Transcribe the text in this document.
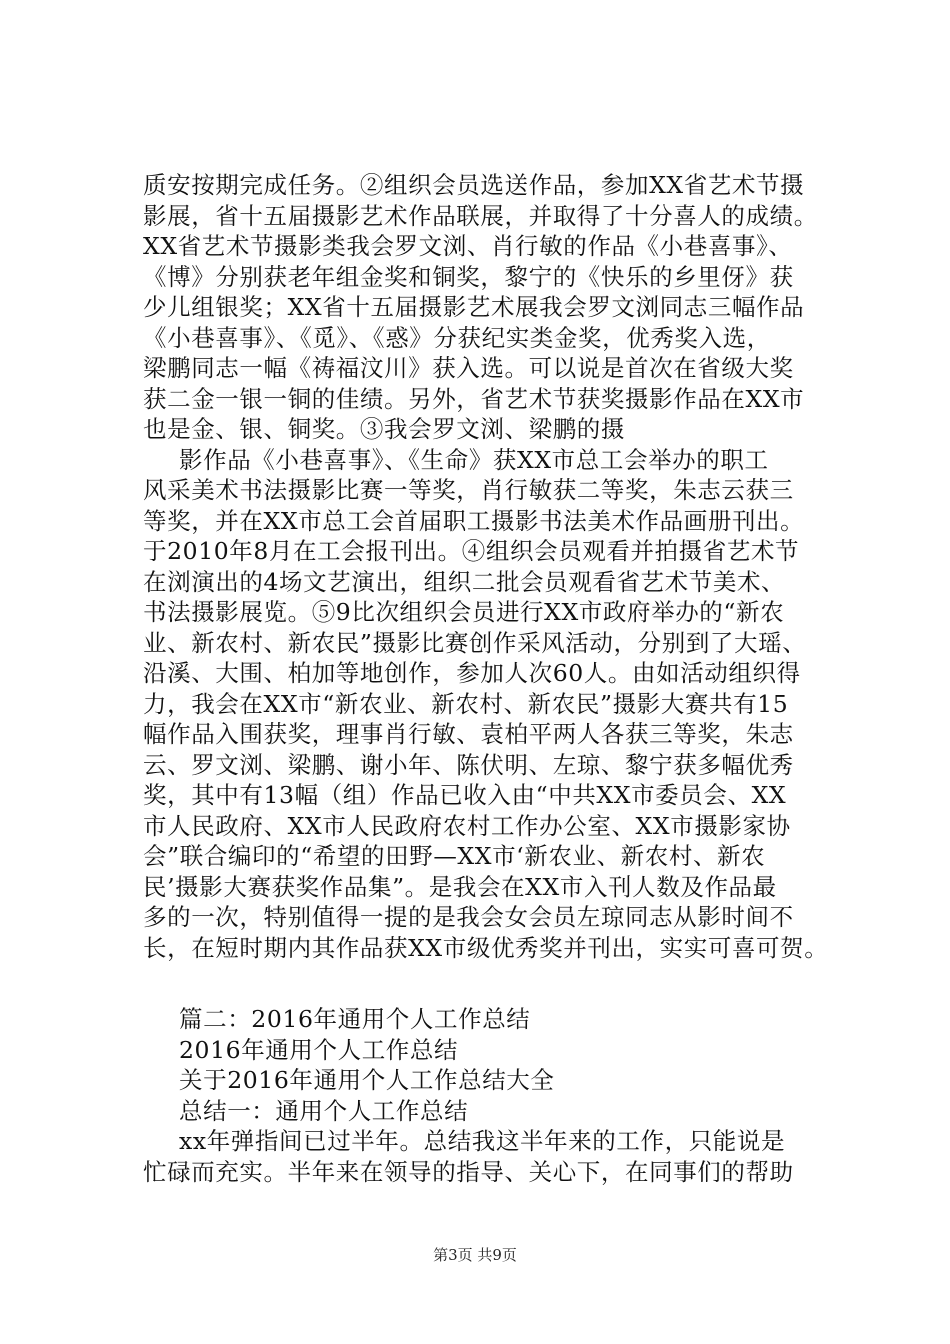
质安按期完成任务。②组织会员选送作品，参加XX省艺术节摄
影展，省十五届摄影艺术作品联展，并取得了十分喜人的成绩。
XX省艺术节摄影类我会罗文浏、肖行敏的作品《小巷喜事》、
《博》分别获老年组金奖和铜奖，黎宁的《快乐的乡里伢》获
少儿组银奖；XX省十五届摄影艺术展我会罗文浏同志三幅作品
《小巷喜事》、《觅》、《惑》分获纪实类金奖，优秀奖入选，
梁鹏同志一幅《祷福汶川》获入选。可以说是首次在省级大奖
获二金一银一铜的佳绩。另外，省艺术节获奖摄影作品在XX市
也是金、银、铜奖。③我会罗文浏、梁鹏的摄
影作品《小巷喜事》、《生命》获XX市总工会举办的职工
风采美术书法摄影比赛一等奖，肖行敏获二等奖，朱志云获三
等奖，并在XX市总工会首届职工摄影书法美术作品画册刊出。
于2010年8月在工会报刊出。④组织会员观看并拍摄省艺术节
在浏演出的4场文艺演出，组织二批会员观看省艺术节美术、
书法摄影展览。⑤9比次组织会员进行XX市政府举办的“新农
业、新农村、新农民”摄影比赛创作采风活动，分别到了大瑶、
沿溪、大围、柏加等地创作，参加人次60人。由如活动组织得
力，我会在XX市“新农业、新农村、新农民”摄影大赛共有15
幅作品入围获奖，理事肖行敏、袁柏平两人各获三等奖，朱志
云、罗文浏、梁鹏、谢小年、陈伏明、左琼、黎宁获多幅优秀
奖，其中有13幅（组）作品已收入由“中共XX市委员会、XX
市人民政府、XX市人民政府农村工作办公室、XX市摄影家协
会”联合编印的“希望的田野—XX市‘新农业、新农村、新农
民’摄影大赛获奖作品集”。是我会在XX市入刊人数及作品最
多的一次，特别值得一提的是我会女会员左琼同志从影时间不
长，在短时期内其作品获XX市级优秀奖并刊出，实实可喜可贺。
篇二：2016年通用个人工作总结
2016年通用个人工作总结
关于2016年通用个人工作总结大全
总结一：通用个人工作总结
xx年弹指间已过半年。总结我这半年来的工作，只能说是
忙碌而充实。半年来在领导的指导、关心下，在同事们的帮助
第3页 共9页
